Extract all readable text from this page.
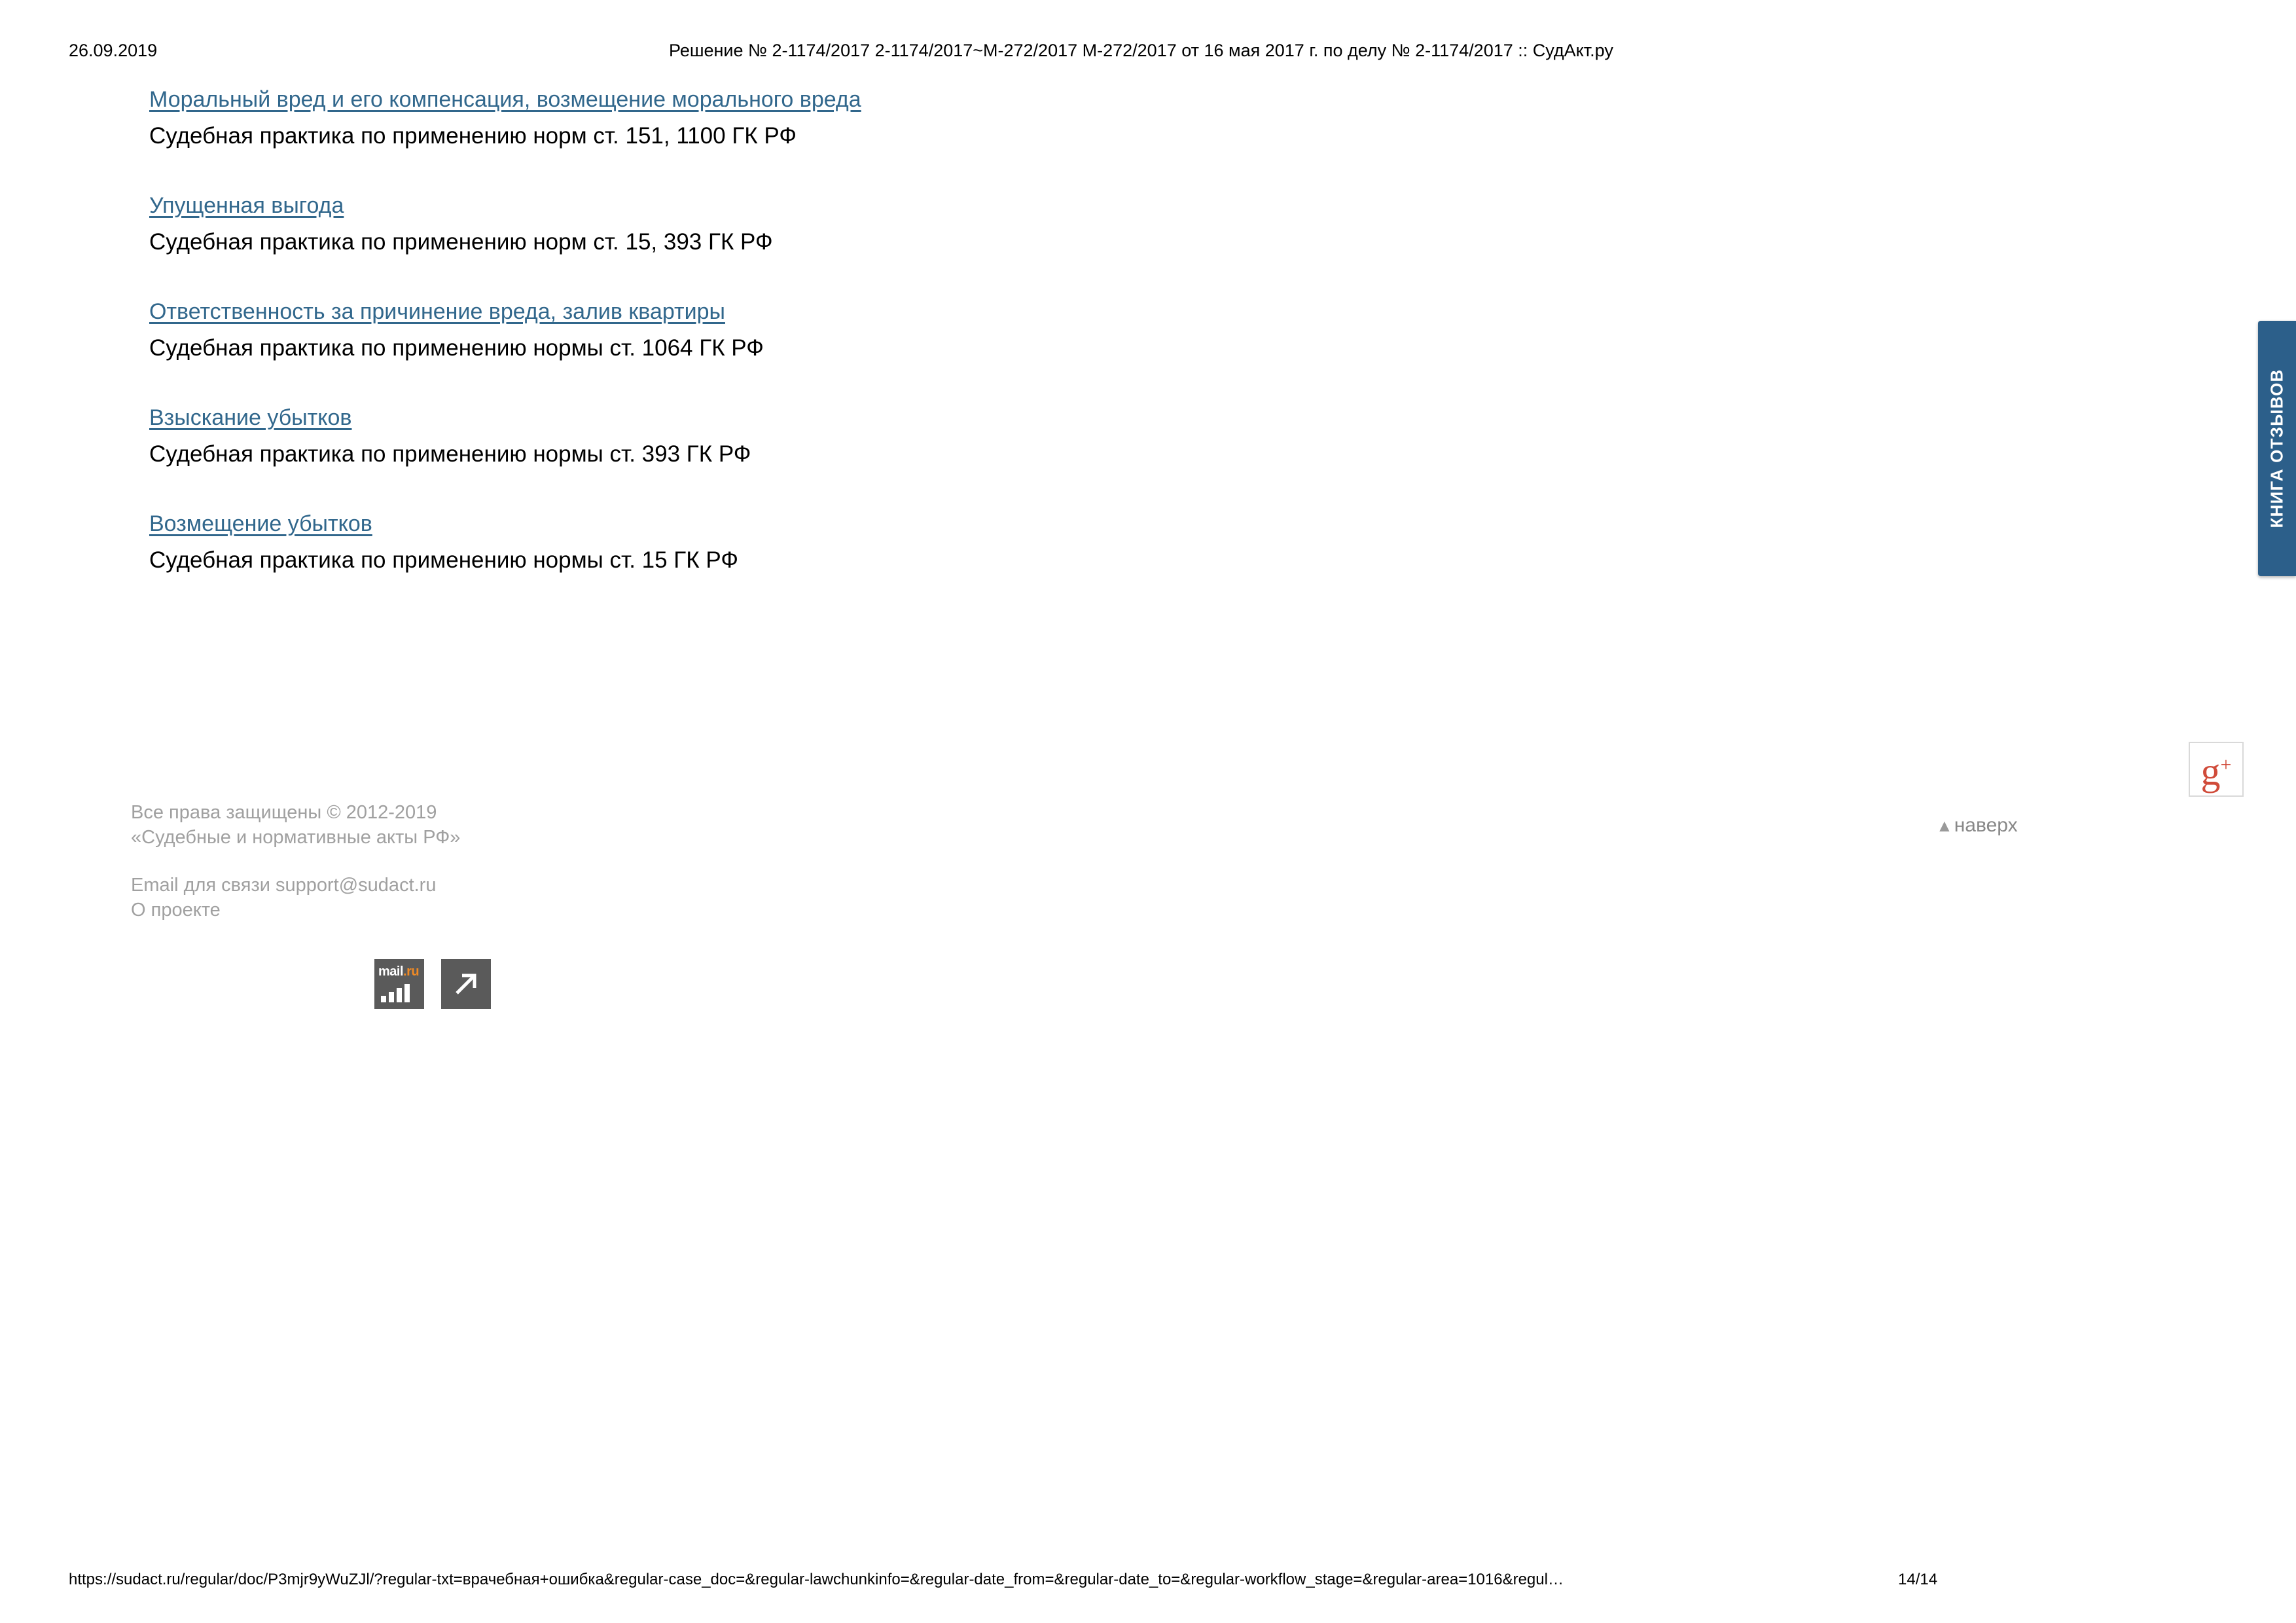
26.09.2019	Решение № 2-1174/2017 2-1174/2017~М-272/2017 М-272/2017 от 16 мая 2017 г. по делу № 2-1174/2017 :: СудАкт.ру
Моральный вред и его компенсация, возмещение морального вреда
Судебная практика по применению норм ст. 151, 1100 ГК РФ
Упущенная выгода
Судебная практика по применению норм ст. 15, 393 ГК РФ
Ответственность за причинение вреда, залив квартиры
Судебная практика по применению нормы ст. 1064 ГК РФ
Взыскание убытков
Судебная практика по применению нормы ст. 393 ГК РФ
Возмещение убытков
Судебная практика по применению нормы ст. 15 ГК РФ
КНИГА ОТЗЫВОВ
g+
Все права защищены © 2012-2019
«Судебные и нормативные акты РФ»
Email для связи support@sudact.ru
О проекте
mail.ru
▲наверх
https://sudact.ru/regular/doc/P3mjr9yWuZJl/?regular-txt=врачебная+ошибка&regular-case_doc=&regular-lawchunkinfo=&regular-date_from=&regular-date_to=&regular-workflow_stage=&regular-area=1016&regul…	14/14
